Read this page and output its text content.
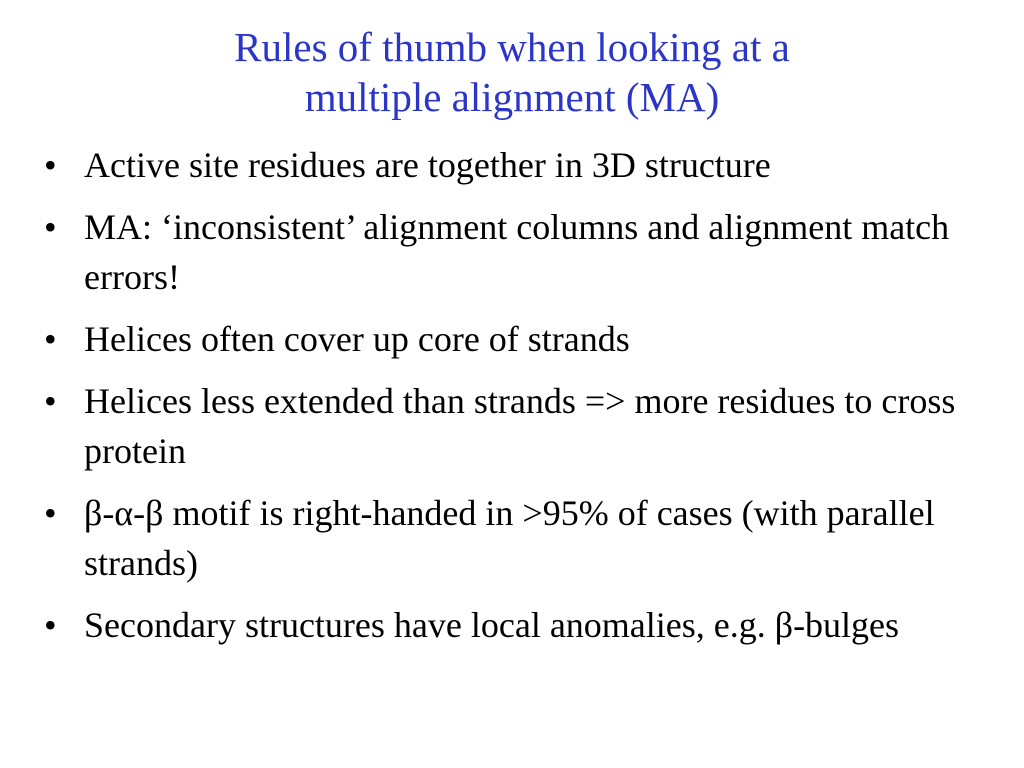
Rules of thumb when looking at a
multiple alignment (MA)
• Active site residues are together in 3D structure
• MA: ‘inconsistent’ alignment columns and alignment match errors!
• Helices often cover up core of strands
• Helices less extended than strands => more residues to cross protein
• β-α-β motif is right-handed in >95% of cases (with parallel strands)
• Secondary structures have local anomalies, e.g. β-bulges
